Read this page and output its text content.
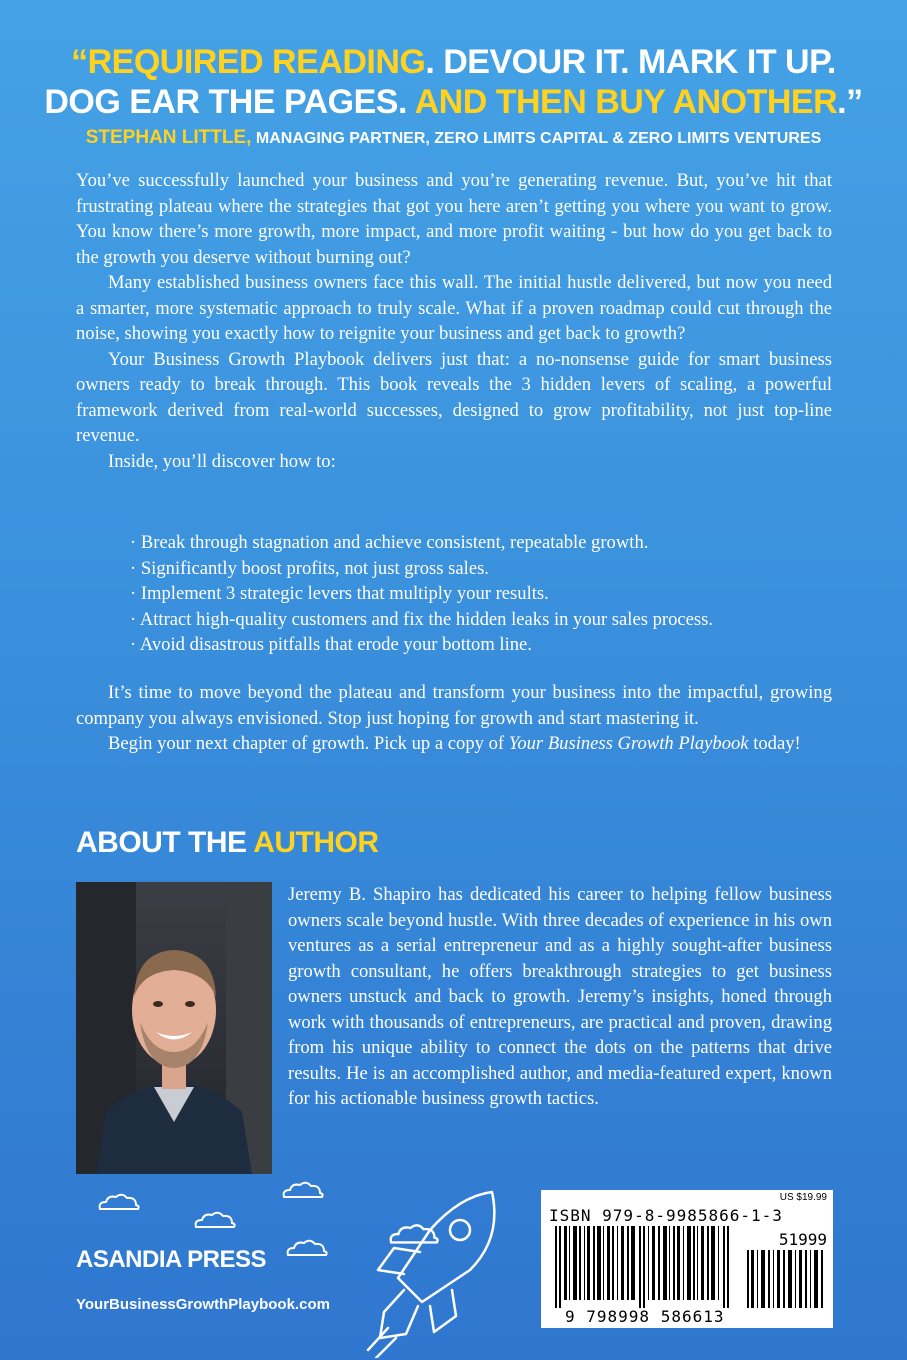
“REQUIRED READING. DEVOUR IT. MARK IT UP.
DOG EAR THE PAGES. AND THEN BUY ANOTHER.”
STEPHAN LITTLE, MANAGING PARTNER, ZERO LIMITS CAPITAL & ZERO LIMITS VENTURES

You’ve successfully launched your business and you’re generating revenue. But, you’ve hit that frustrating plateau where the strategies that got you here aren’t getting you where you want to grow. You know there’s more growth, more impact, and more profit waiting - but how do you get back to the growth you deserve without burning out?

Many established business owners face this wall. The initial hustle delivered, but now you need a smarter, more systematic approach to truly scale. What if a proven roadmap could cut through the noise, showing you exactly how to reignite your business and get back to growth?

Your Business Growth Playbook delivers just that: a no-nonsense guide for smart business owners ready to break through. This book reveals the 3 hidden levers of scaling, a powerful framework derived from real-world successes, designed to grow profitability, not just top-line revenue.

Inside, you’ll discover how to:

· Break through stagnation and achieve consistent, repeatable growth.
· Significantly boost profits, not just gross sales.
· Implement 3 strategic levers that multiply your results.
· Attract high-quality customers and fix the hidden leaks in your sales process.
· Avoid disastrous pitfalls that erode your bottom line.

It’s time to move beyond the plateau and transform your business into the impactful, growing company you always envisioned. Stop just hoping for growth and start mastering it.

Begin your next chapter of growth. Pick up a copy of Your Business Growth Playbook today!

ABOUT THE AUTHOR
Jeremy B. Shapiro has dedicated his career to helping fellow business owners scale beyond hustle. With three decades of experience in his own ventures as a serial entrepreneur and as a highly sought-after business growth consultant, he offers breakthrough strategies to get business owners unstuck and back to growth. Jeremy’s insights, honed through work with thousands of entrepreneurs, are practical and proven, drawing from his unique ability to connect the dots on the patterns that drive results. He is an accomplished author, and media-featured expert, known for his actionable business growth tactics.
ASANDIA PRESS
YourBusinessGrowthPlaybook.com
US $19.99
ISBN 979-8-9985866-1-3
51999
9 798998 586613
